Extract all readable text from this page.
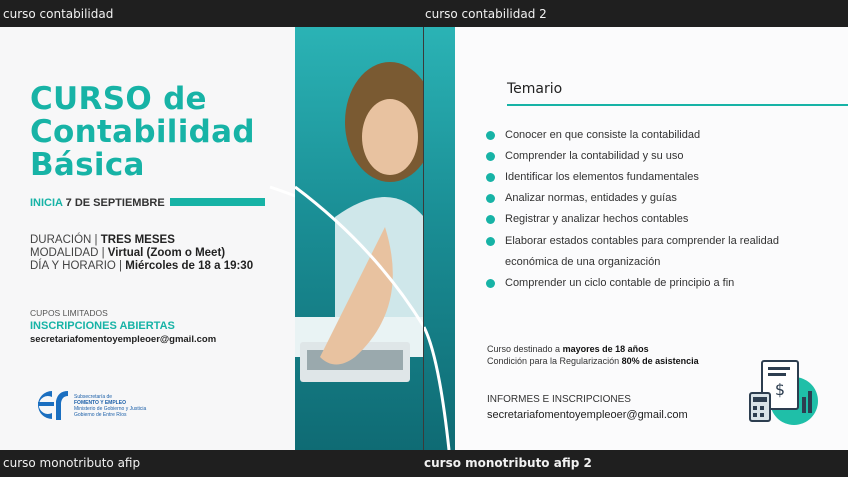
curso contabilidad	curso contabilidad 2
CURSO de
Contabilidad
Básica
INICIA 7 DE SEPTIEMBRE
DURACIÓN | TRES MESES
MODALIDAD | Virtual (Zoom o Meet)
DÍA Y HORARIO | Miércoles de 18 a 19:30
CUPOS LIMITADOS
INSCRIPCIONES ABIERTAS
secretariafomentoyempleoer@gmail.com
Subsecretaría de
FOMENTO Y EMPLEO
Ministerio de Gobierno y Justicia
Gobierno de Entre Ríos
Temario
Conocer en que consiste la contabilidad
Comprender la contabilidad y su uso
Identificar los elementos fundamentales
Analizar normas, entidades y guías
Registrar y analizar hechos contables
Elaborar estados contables para comprender la realidad económica de una organización
Comprender un ciclo contable de principio a fin
Curso destinado a mayores de 18 años
Condición para la Regularización 80% de asistencia
INFORMES E INSCRIPCIONES
secretariafomentoyempleoer@gmail.com
$
curso monotributo afip	curso monotributo afip 2
